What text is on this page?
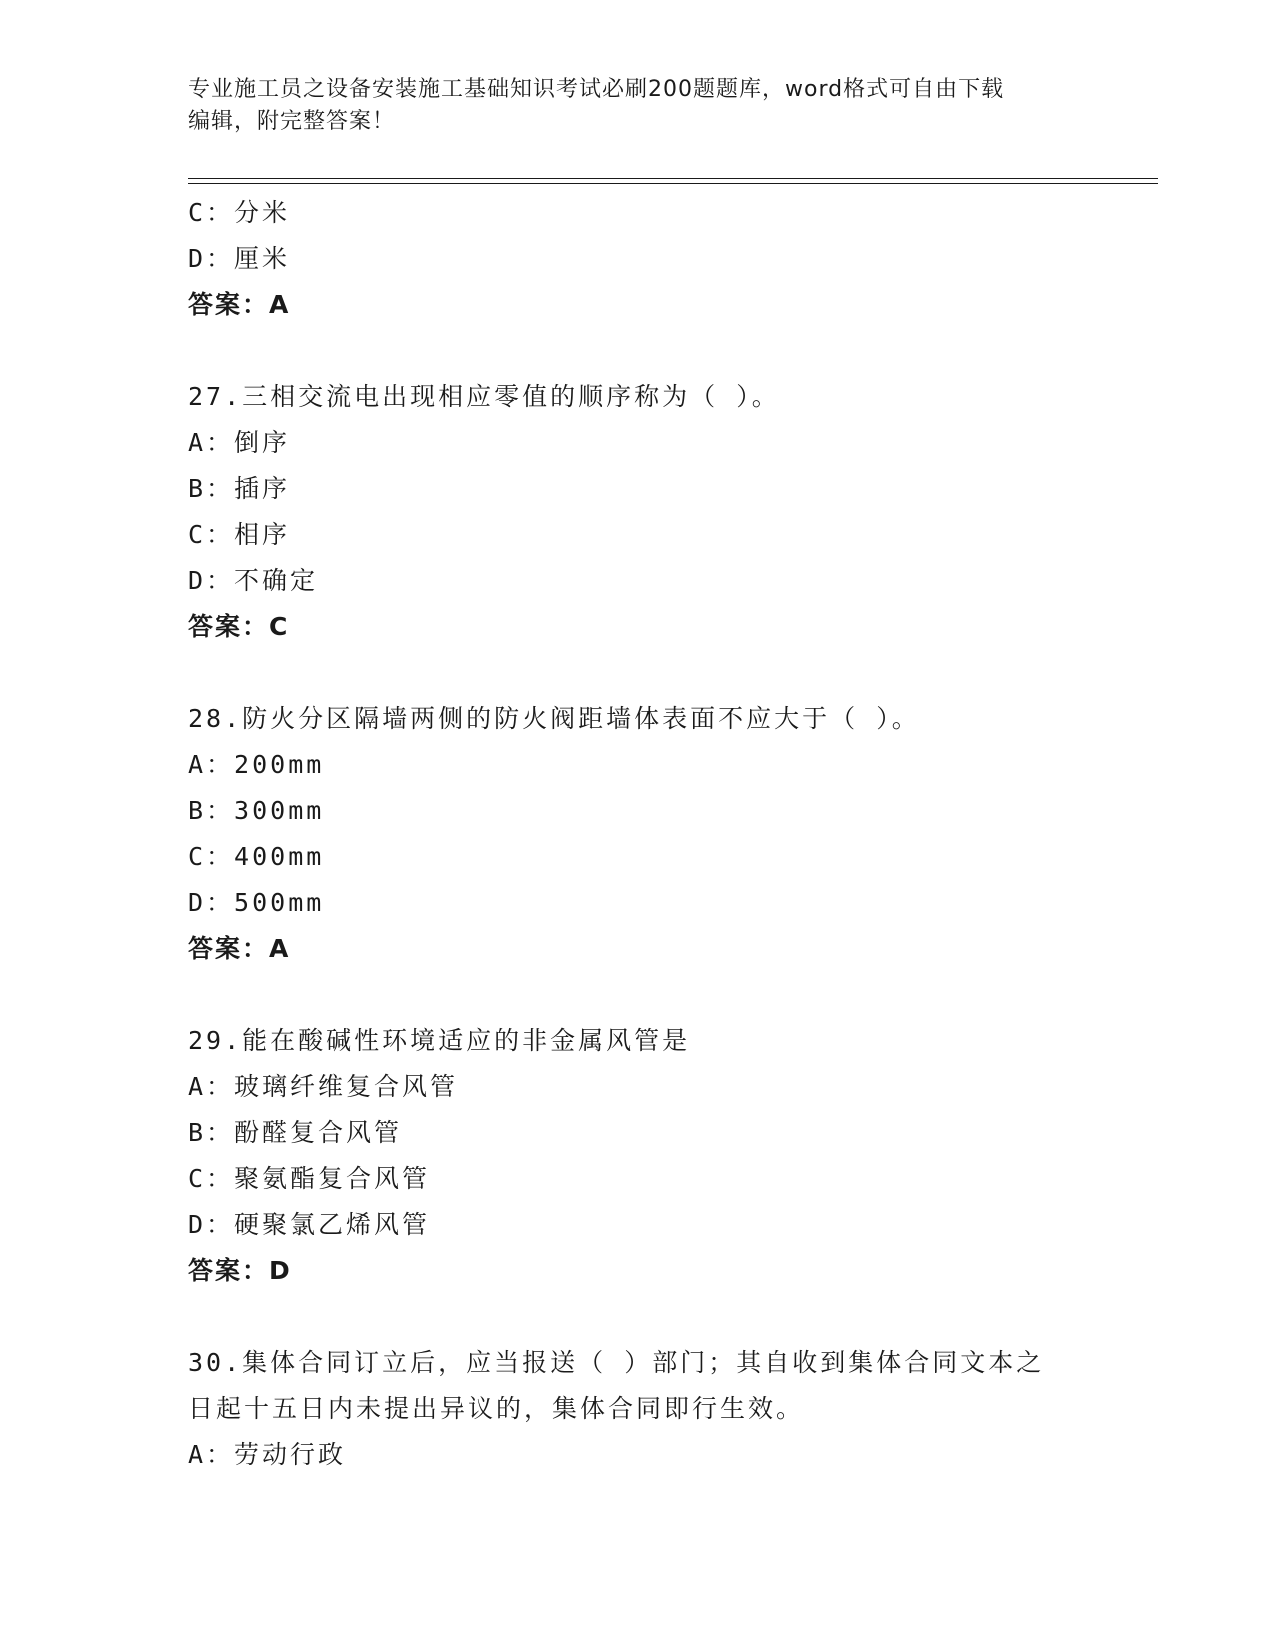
专业施工员之设备安装施工基础知识考试必刷200题题库，word格式可自由下载
编辑，附完整答案！
C：分米
D：厘米
答案：A
27.三相交流电出现相应零值的顺序称为（ ）。
A：倒序
B：插序
C：相序
D：不确定
答案：C
28.防火分区隔墙两侧的防火阀距墙体表面不应大于（ ）。
A：200mm
B：300mm
C：400mm
D：500mm
答案：A
29.能在酸碱性环境适应的非金属风管是
A：玻璃纤维复合风管
B：酚醛复合风管
C：聚氨酯复合风管
D：硬聚氯乙烯风管
答案：D
30.集体合同订立后，应当报送（ ）部门；其自收到集体合同文本之
日起十五日内未提出异议的，集体合同即行生效。
A：劳动行政
